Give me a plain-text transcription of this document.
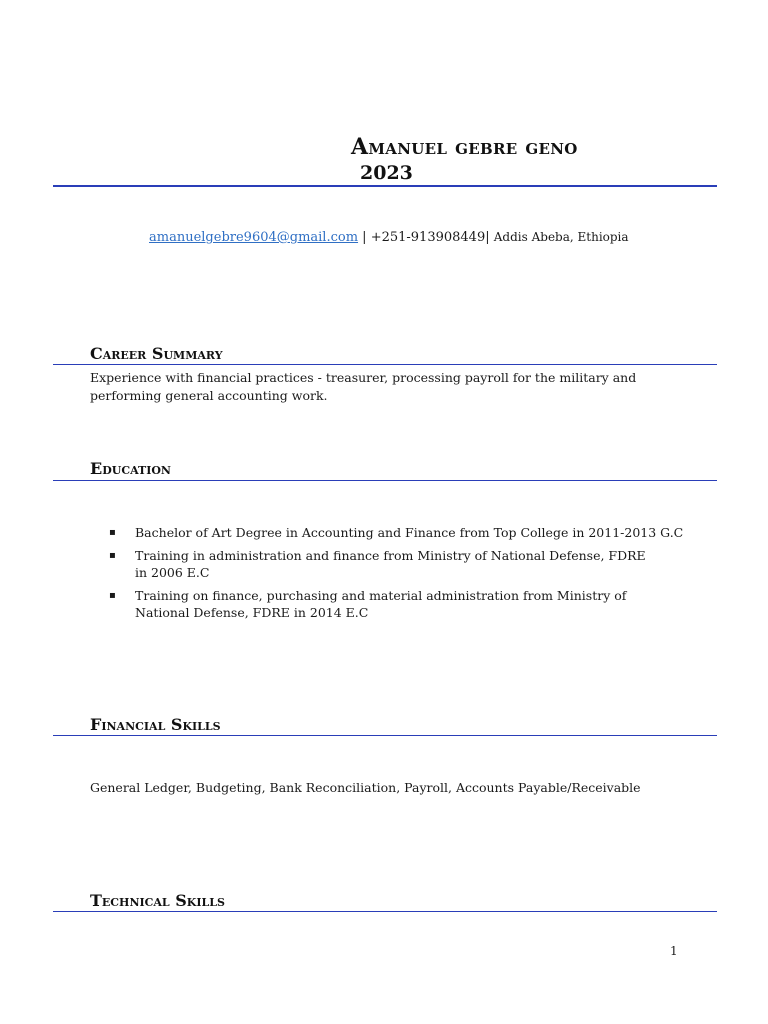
Amanuel gebre geno
2023
amanuelgebre9604@gmail.com | +251-913908449| Addis Abeba, Ethiopia
Career Summary
Experience with financial practices - treasurer, processing payroll for the military and
performing general accounting work.
Education
▪ Bachelor of Art Degree in Accounting and Finance from Top College in 2011-2013 G.C
▪ Training in administration and finance from Ministry of National Defense, FDRE in 2006 E.C
▪ Training on finance, purchasing and material administration from Ministry of National Defense, FDRE in 2014 E.C
Financial Skills
General Ledger, Budgeting, Bank Reconciliation, Payroll, Accounts Payable/Receivable
Technical Skills
1
